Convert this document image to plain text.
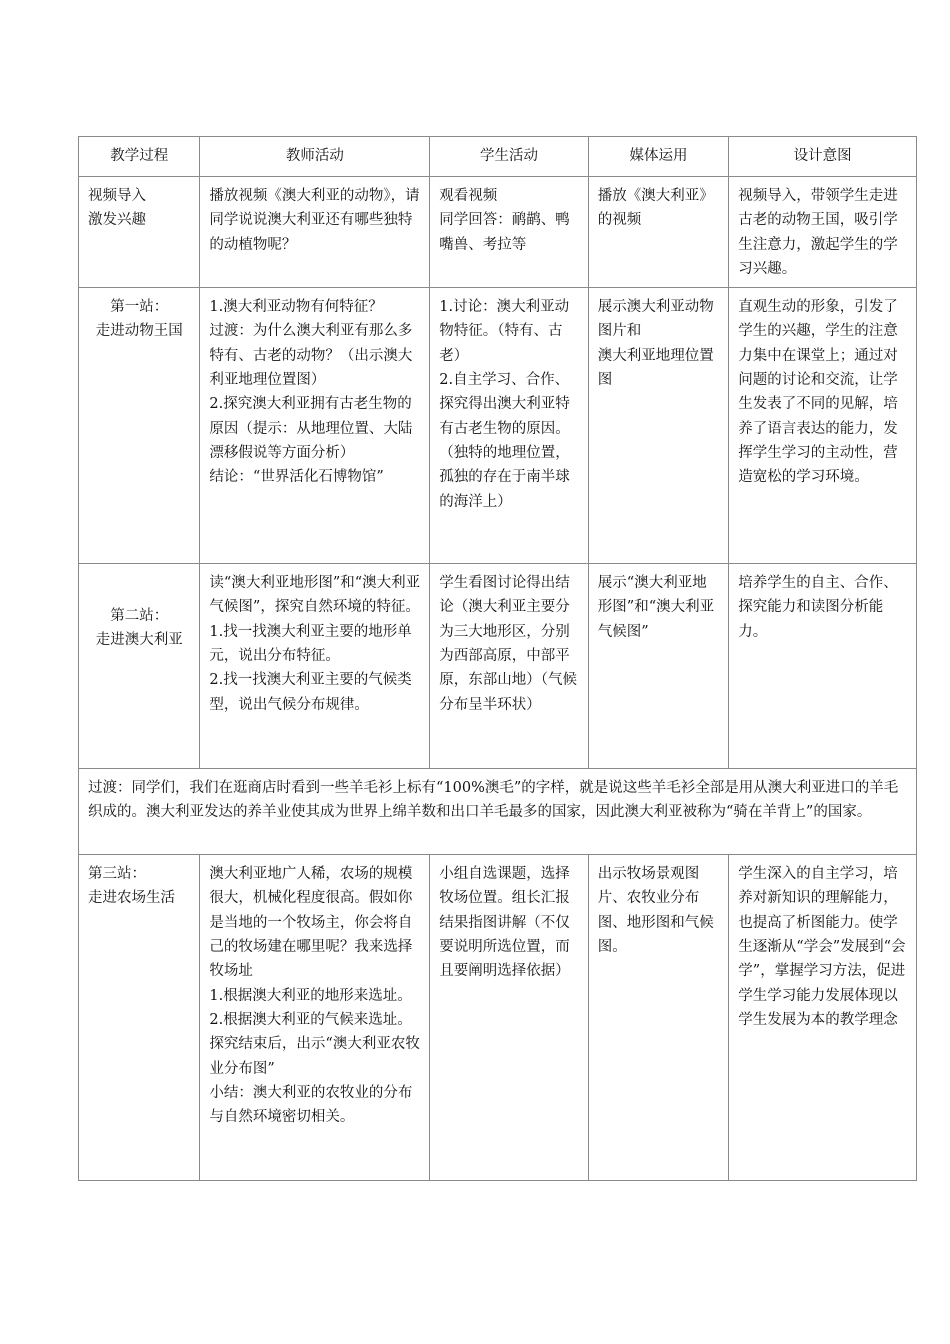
教学过程	教师活动	学生活动	媒体运用	设计意图

视频导入
激发兴趣	播放视频《澳大利亚的动物》，请同学说说澳大利亚还有哪些独特的动植物呢？	观看视频
同学回答：鸸鹋、鸭嘴兽、考拉等	播放《澳大利亚》的视频	视频导入，带领学生走进古老的动物王国，吸引学生注意力，激起学生的学习兴趣。

第一站：
走进动物王国	1.澳大利亚动物有何特征？
过渡：为什么澳大利亚有那么多特有、古老的动物？（出示澳大利亚地理位置图）
2.探究澳大利亚拥有古老生物的原因（提示：从地理位置、大陆漂移假说等方面分析）
结论：“世界活化石博物馆”	1.讨论：澳大利亚动物特征。（特有、古老）
2.自主学习、合作、探究得出澳大利亚特有古老生物的原因。（独特的地理位置，孤独的存在于南半球的海洋上）	展示澳大利亚动物图片和
澳大利亚地理位置图	直观生动的形象，引发了学生的兴趣，学生的注意力集中在课堂上；通过对问题的讨论和交流，让学生发表了不同的见解，培养了语言表达的能力，发挥学生学习的主动性，营造宽松的学习环境。

第二站：
走进澳大利亚	读“澳大利亚地形图”和“澳大利亚气候图”，探究自然环境的特征。
1.找一找澳大利亚主要的地形单元，说出分布特征。
2.找一找澳大利亚主要的气候类型，说出气候分布规律。	学生看图讨论得出结论（澳大利亚主要分为三大地形区，分别为西部高原，中部平原，东部山地）（气候分布呈半环状）	展示“澳大利亚地形图”和“澳大利亚气候图”	培养学生的自主、合作、探究能力和读图分析能力。

过渡：同学们，我们在逛商店时看到一些羊毛衫上标有“100%澳毛”的字样，就是说这些羊毛衫全部是用从澳大利亚进口的羊毛织成的。澳大利亚发达的养羊业使其成为世界上绵羊数和出口羊毛最多的国家，因此澳大利亚被称为“骑在羊背上”的国家。				

第三站：
走进农场生活	澳大利亚地广人稀，农场的规模很大，机械化程度很高。假如你是当地的一个牧场主，你会将自己的牧场建在哪里呢？我来选择牧场址
1.根据澳大利亚的地形来选址。
2.根据澳大利亚的气候来选址。
探究结束后，出示“澳大利亚农牧业分布图”
小结：澳大利亚的农牧业的分布与自然环境密切相关。	小组自选课题，选择牧场位置。组长汇报结果指图讲解（不仅要说明所选位置，而且要阐明选择依据）	出示牧场景观图片、农牧业分布图、地形图和气候图。	学生深入的自主学习，培养对新知识的理解能力，也提高了析图能力。使学生逐渐从“学会”发展到“会学”，掌握学习方法，促进学生学习能力发展体现以学生发展为本的教学理念
